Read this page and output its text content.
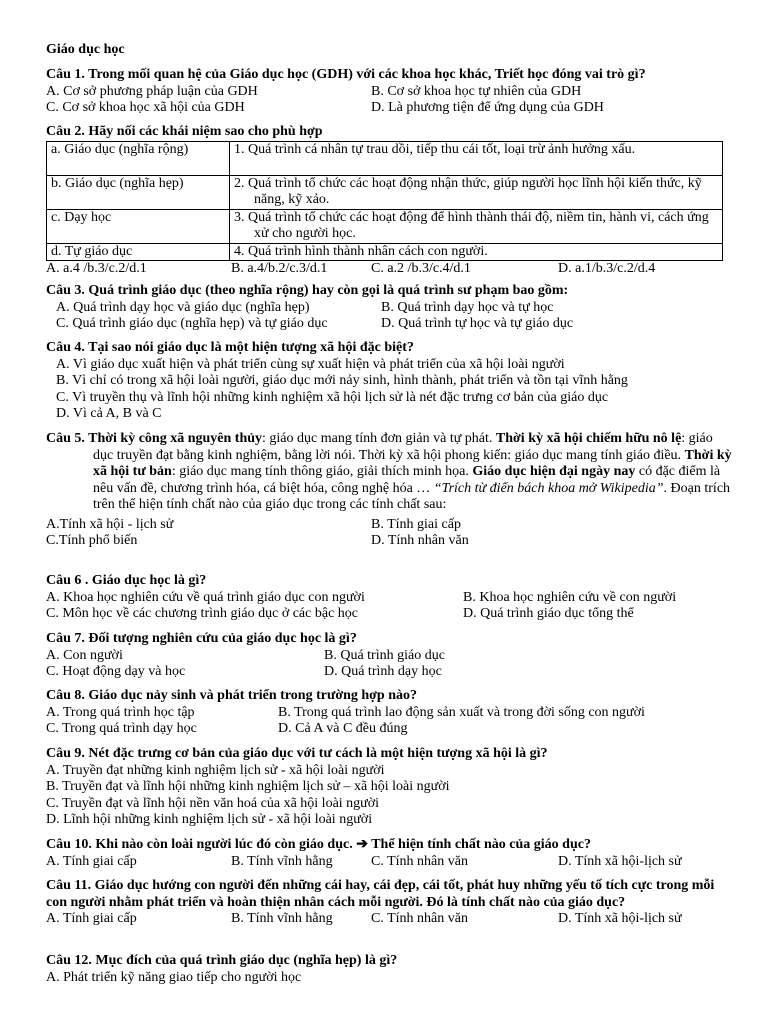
Giáo dục học
Câu 1. Trong mối quan hệ của Giáo dục học (GDH) với các khoa học khác, Triết học đóng vai trò gì?
A. Cơ sở phương pháp luận của GDH	B. Cơ sở khoa học tự nhiên của GDH
C. Cơ sở khoa học xã hội của GDH	D. Là phương tiện để ứng dụng của GDH
Câu 2. Hãy nối các khái niệm sao cho phù hợp
a. Giáo dục (nghĩa rộng)	1. Quá trình cá nhân tự trau dồi, tiếp thu cái tốt, loại trừ ảnh hưởng xấu.

b. Giáo dục (nghĩa hẹp)	2. Quá trình tổ chức các hoạt động nhận thức, giúp người học lĩnh hội kiến thức, kỹ năng, kỹ xảo.

c. Dạy học	3. Quá trình tổ chức các hoạt động để hình thành thái độ, niềm tin, hành vi, cách ứng xử cho người học.

d. Tự giáo dục	4. Quá trình hình thành nhân cách con người.
A. a.4 /b.3/c.2/d.1	B. a.4/b.2/c.3/d.1	C. a.2 /b.3/c.4/d.1	D. a.1/b.3/c.2/d.4
Câu 3. Quá trình giáo dục (theo nghĩa rộng) hay còn gọi là quá trình sư phạm bao gồm:
A. Quá trình dạy học và giáo dục (nghĩa hẹp)	B. Quá trình dạy học và tự học
C. Quá trình giáo dục (nghĩa hẹp) và tự giáo dục	D. Quá trình tự học và tự giáo dục
Câu 4. Tại sao nói giáo dục là một hiện tượng xã hội đặc biệt?
A. Vì giáo dục xuất hiện và phát triển cùng sự xuất hiện và phát triển của xã hội loài người
B. Vì chỉ có trong xã hội loài người, giáo dục mới nảy sinh, hình thành, phát triển và tồn tại vĩnh hằng
C. Vì truyền thụ và lĩnh hội những kinh nghiệm xã hội lịch sử là nét đặc trưng cơ bản của giáo dục
D. Vì cả A, B và C
Câu 5. Thời kỳ công xã nguyên thủy: giáo dục mang tính đơn giản và tự phát. Thời kỳ xã hội chiếm hữu nô lệ: giáo dục truyền đạt bằng kinh nghiệm, bằng lời nói. Thời kỳ xã hội phong kiến: giáo dục mang tính giáo điều. Thời kỳ xã hội tư bản: giáo dục mang tính thông giáo, giải thích minh họa. Giáo dục hiện đại ngày nay có đặc điểm là nêu vấn đề, chương trình hóa, cá biệt hóa, công nghệ hóa … “Trích từ điển bách khoa mở Wikipedia”. Đoạn trích trên thể hiện tính chất nào của giáo dục trong các tính chất sau:
A.Tính xã hội - lịch sử	B. Tính giai cấp
C.Tính phổ biến	D. Tính nhân văn
Câu 6 . Giáo dục học là gì?
A. Khoa học nghiên cứu về quá trình giáo dục con người	B. Khoa học nghiên cứu về con người
C. Môn học về các chương trình giáo dục ở các bậc học	D. Quá trình giáo dục tổng thể
Câu 7. Đối tượng nghiên cứu của giáo dục học là gì?
A. Con người	B. Quá trình giáo dục
C. Hoạt động dạy và học	D. Quá trình dạy học
Câu 8. Giáo dục nảy sinh và phát triển trong trường hợp nào?
A. Trong quá trình học tập	B. Trong quá trình lao động sản xuất và trong đời sống con người
C. Trong quá trình dạy học	D. Cả A và C đều đúng
Câu 9. Nét đặc trưng cơ bản của giáo dục với tư cách là một hiện tượng xã hội là gì?
A. Truyền đạt những kinh nghiệm lịch sử - xã hội loài người
B. Truyền đạt và lĩnh hội những kinh nghiệm lịch sử – xã hội loài người
C. Truyền đạt và lĩnh hội nền văn hoá của xã hội loài người
D. Lĩnh hội những kinh nghiệm lịch sử - xã hội loài người
Câu 10. Khi nào còn loài người lúc đó còn giáo dục. ➔ Thể hiện tính chất nào của giáo dục?
A. Tính giai cấp	B. Tính vĩnh hằng	C. Tính nhân văn	D. Tính xã hội-lịch sử
Câu 11. Giáo dục hướng con người đến những cái hay, cái đẹp, cái tốt, phát huy những yếu tố tích cực trong mỗi con người nhằm phát triển và hoàn thiện nhân cách mỗi người. Đó là tính chất nào của giáo dục?
A. Tính giai cấp	B. Tính vĩnh hằng	C. Tính nhân văn	D. Tính xã hội-lịch sử
Câu 12. Mục đích của quá trình giáo dục (nghĩa hẹp) là gì?
A. Phát triển kỹ năng giao tiếp cho người học
